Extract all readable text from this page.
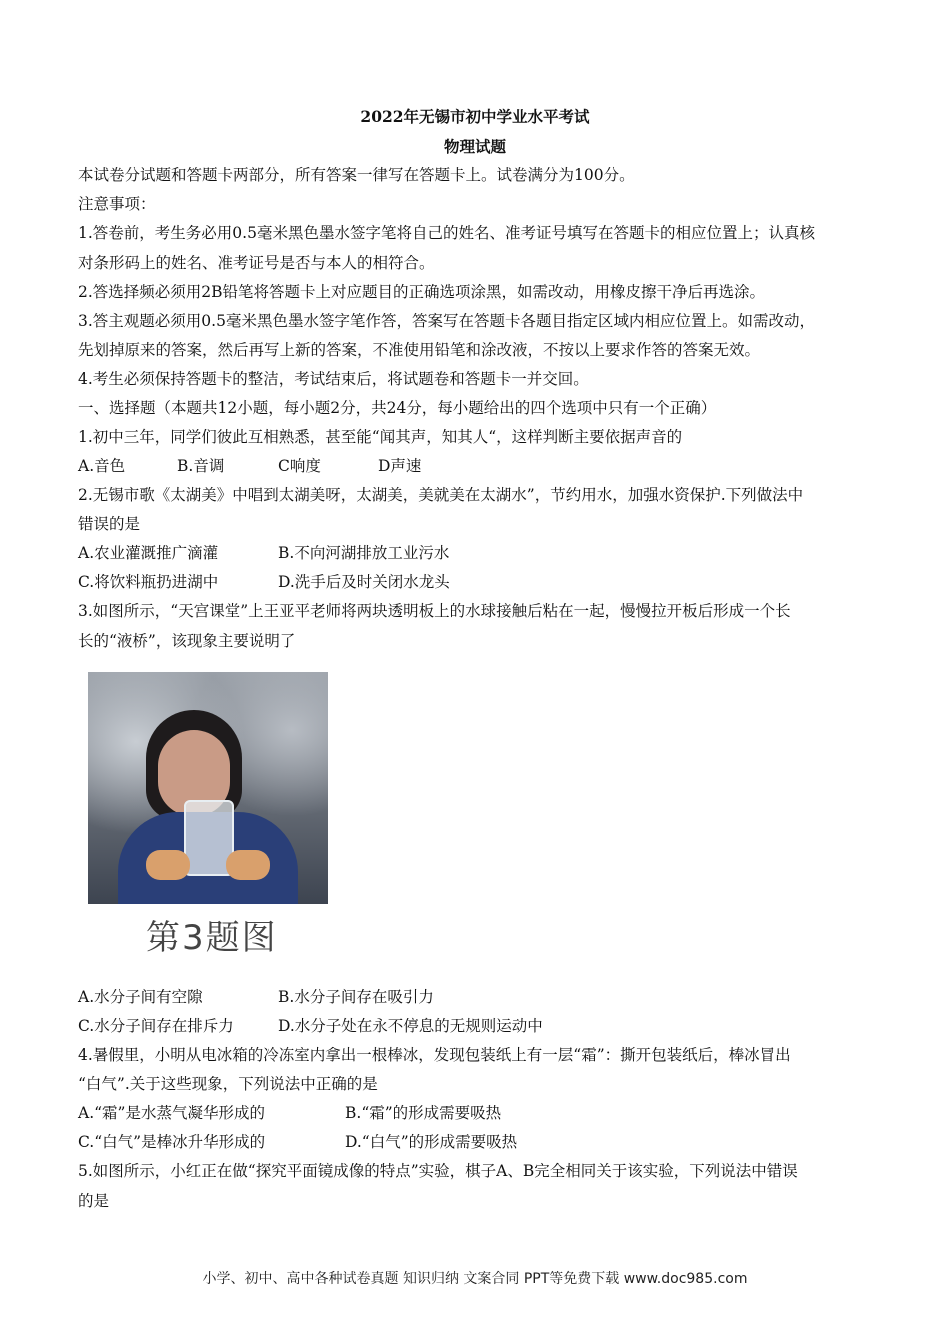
2022年无锡市初中学业水平考试
物理试题
本试卷分试题和答题卡两部分，所有答案一律写在答题卡上。试卷满分为100分。
注意事项：
1.答卷前，考生务必用0.5毫米黑色墨水签字笔将自己的姓名、准考证号填写在答题卡的相应位置上；认真核
对条形码上的姓名、准考证号是否与本人的相符合。
2.答选择频必须用2B铅笔将答题卡上对应题目的正确选项涂黑，如需改动，用橡皮擦干净后再选涂。
3.答主观题必须用0.5毫米黑色墨水签字笔作答，答案写在答题卡各题目指定区域内相应位置上。如需改动，
先划掉原来的答案，然后再写上新的答案，不准使用铅笔和涂改液，不按以上要求作答的答案无效。
4.考生必须保持答题卡的整洁，考试结束后，将试题卷和答题卡一并交回。
一、选择题（本题共12小题，每小题2分，共24分，每小题给出的四个选项中只有一个正确）
1.初中三年，同学们彼此互相熟悉，甚至能“闻其声，知其人“，这样判断主要依据声音的
A.音色	B.音调	C响度	D声速
2.无锡市歌《太湖美》中唱到太湖美呀，太湖美，美就美在太湖水”，节约用水，加强水资保护.下列做法中
错误的是
A.农业灌溉推广滴灌	B.不向河湖排放工业污水
C.将饮料瓶扔进湖中	D.洗手后及时关闭水龙头
3.如图所示，“天宫课堂”上王亚平老师将两块透明板上的水球接触后粘在一起，慢慢拉开板后形成一个长
长的“液桥”，该现象主要说明了
第3题图
A.水分子间有空隙	B.水分子间存在吸引力
C.水分子间存在排斥力	D.水分子处在永不停息的无规则运动中
4.暑假里，小明从电冰箱的冷冻室内拿出一根棒冰，发现包装纸上有一层“霜”：撕开包装纸后，棒冰冒出
“白气”.关于这些现象，下列说法中正确的是
A.“霜”是水蒸气凝华形成的	B.“霜”的形成需要吸热
C.“白气”是棒冰升华形成的	D.“白气”的形成需要吸热
5.如图所示，小红正在做“探究平面镜成像的特点”实验，棋子A、B完全相同关于该实验，下列说法中错误
的是
小学、初中、高中各种试卷真题 知识归纳 文案合同 PPT等免费下载 www.doc985.com
